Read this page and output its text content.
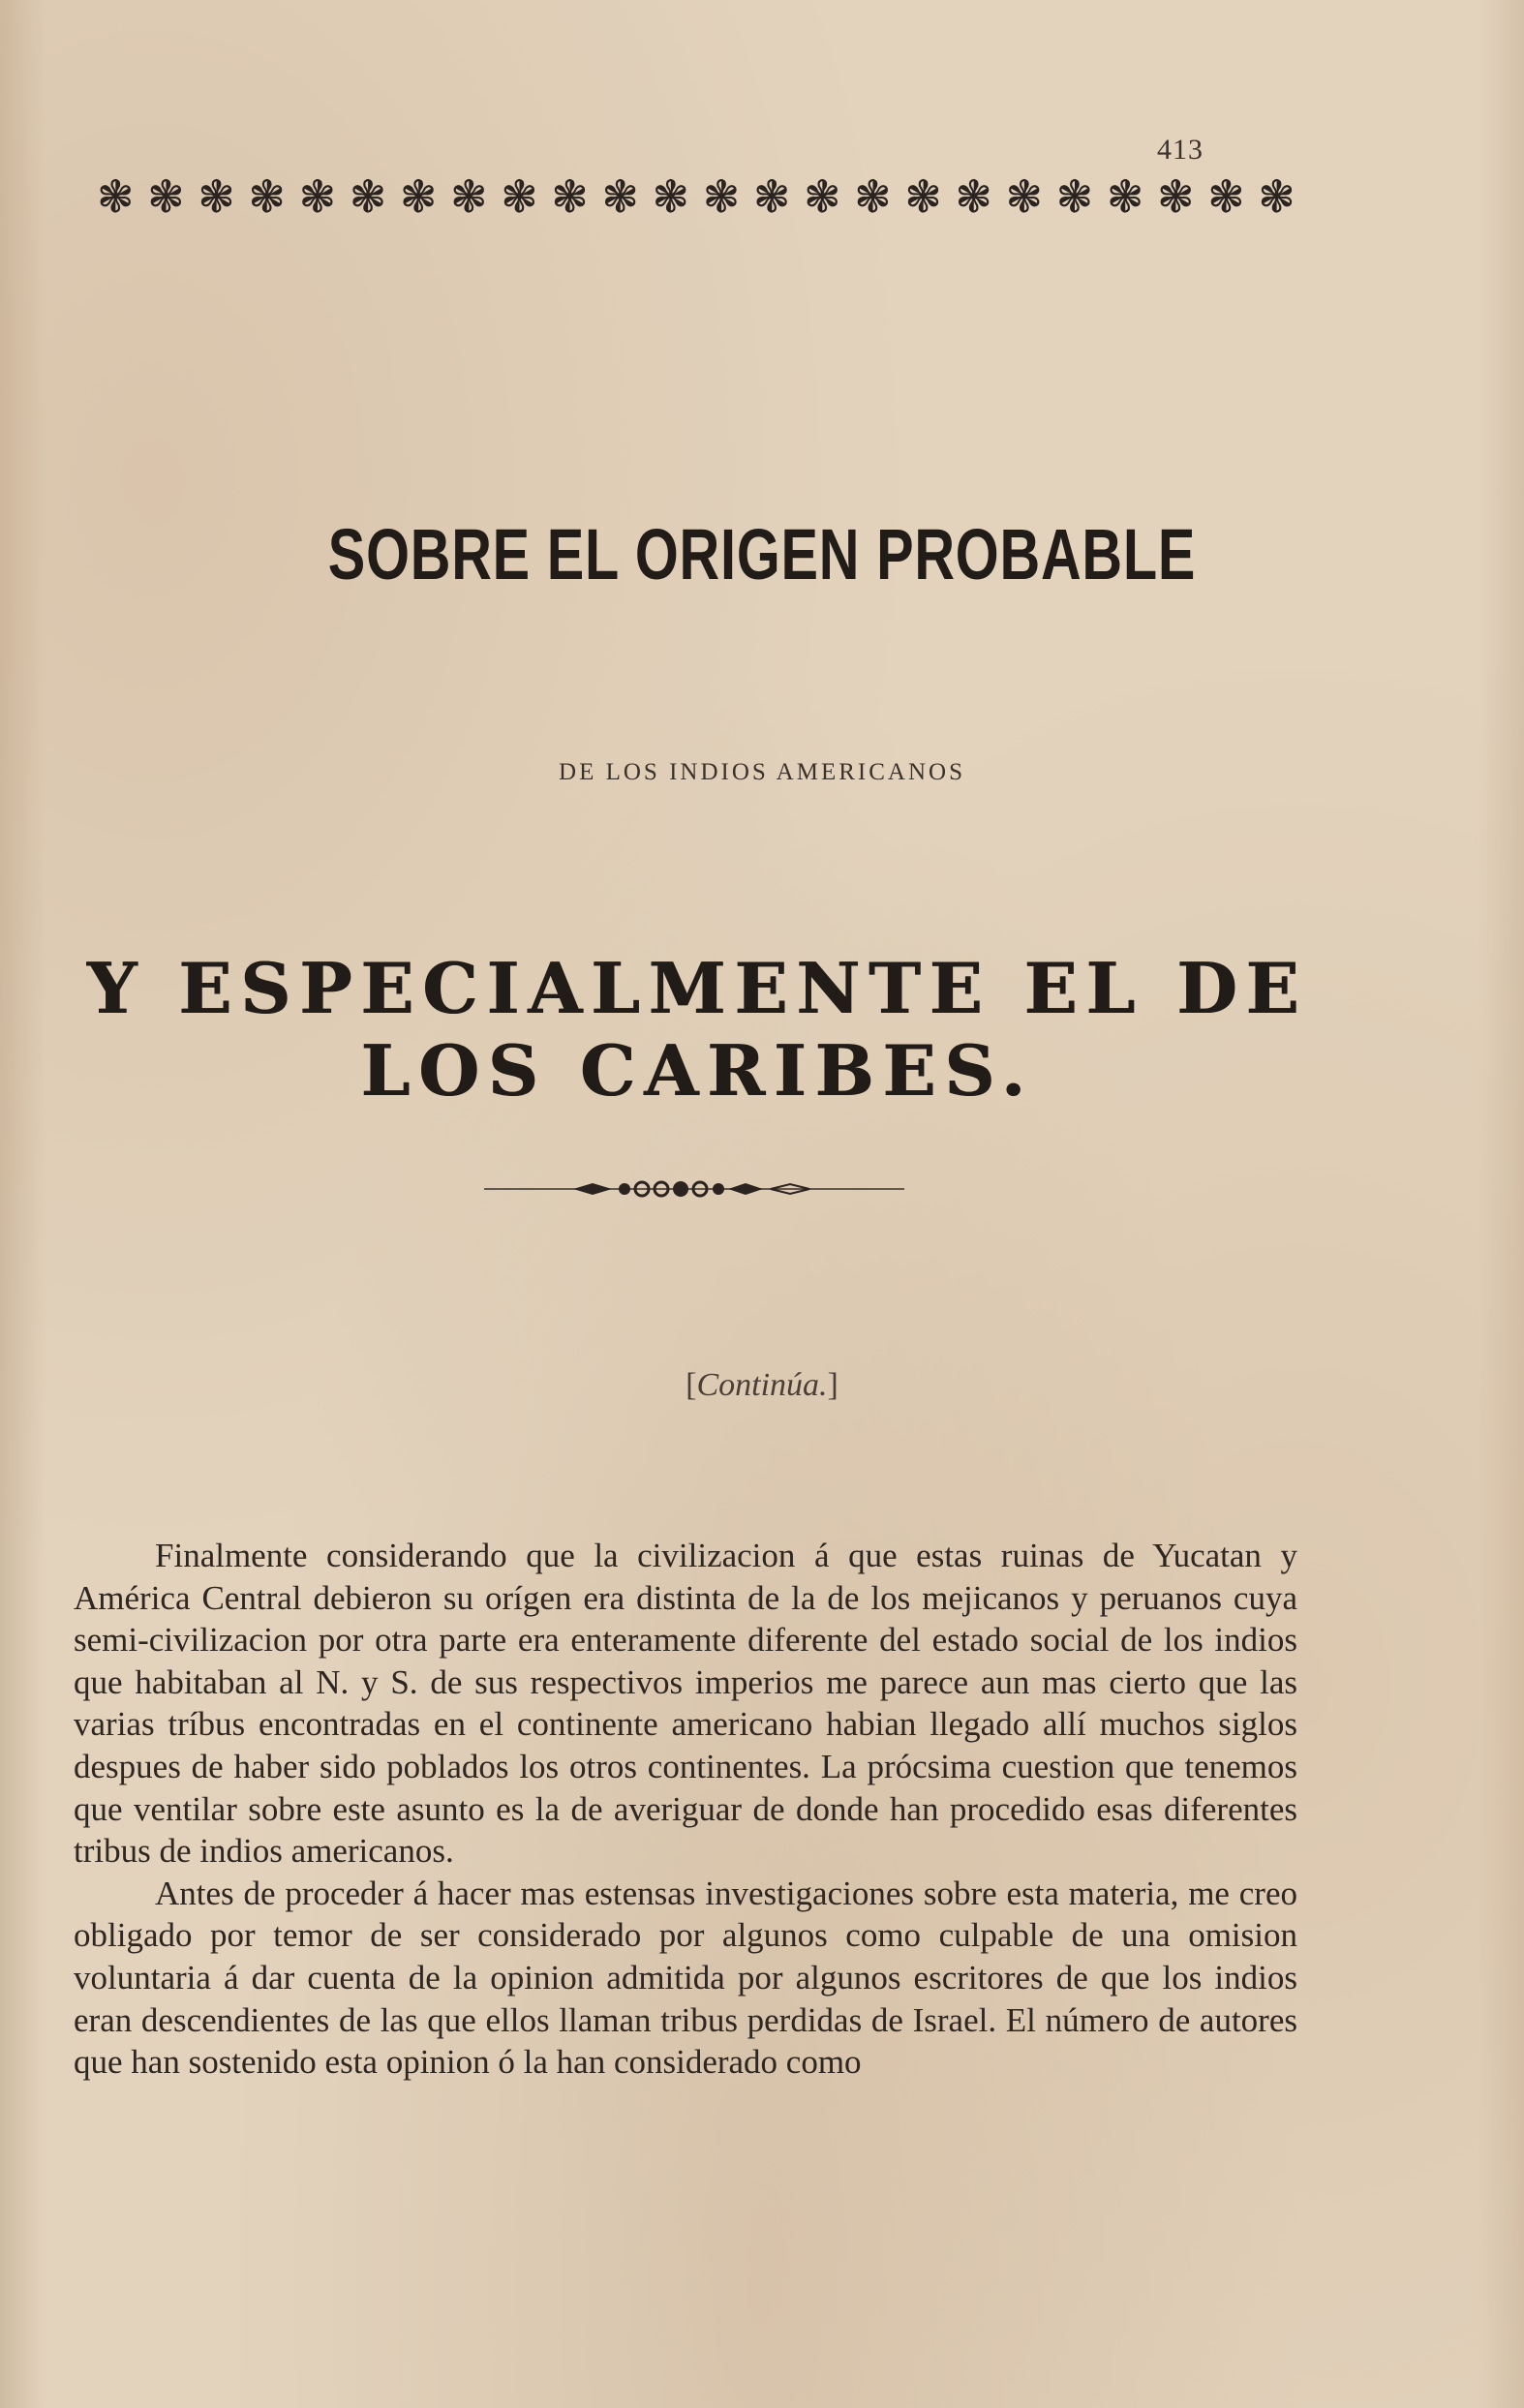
413
❃ ❃ ❃ ❃ ❃ ❃ ❃ ❃ ❃ ❃ ❃ ❃ ❃ ❃ ❃ ❃ ❃ ❃ ❃ ❃ ❃ ❃ ❃ ❃
SOBRE EL ORIGEN PROBABLE
DE LOS INDIOS AMERICANOS
Y ESPECIALMENTE EL DE LOS CARIBES.
[Continúa.]

Finalmente considerando que la civilizacion á que estas ruinas de Yucatan y América Central debieron su orígen era distinta de la de los mejicanos y peruanos cuya semi-civilizacion por otra parte era enteramente diferente del estado social de los indios que habitaban al N. y S. de sus respectivos imperios me parece aun mas cierto que las varias tríbus encontradas en el continente americano habian llegado allí muchos siglos despues de haber sido poblados los otros continentes. La prócsima cuestion que tenemos que ventilar sobre este asunto es la de averiguar de donde han procedido esas diferentes tribus de indios americanos.

Antes de proceder á hacer mas estensas investigaciones sobre esta materia, me creo obligado por temor de ser considerado por algunos como culpable de una omision voluntaria á dar cuenta de la opinion admitida por algunos escritores de que los indios eran descendientes de las que ellos llaman tribus perdidas de Israel. El número de autores que han sostenido esta opinion ó la han considerado como
